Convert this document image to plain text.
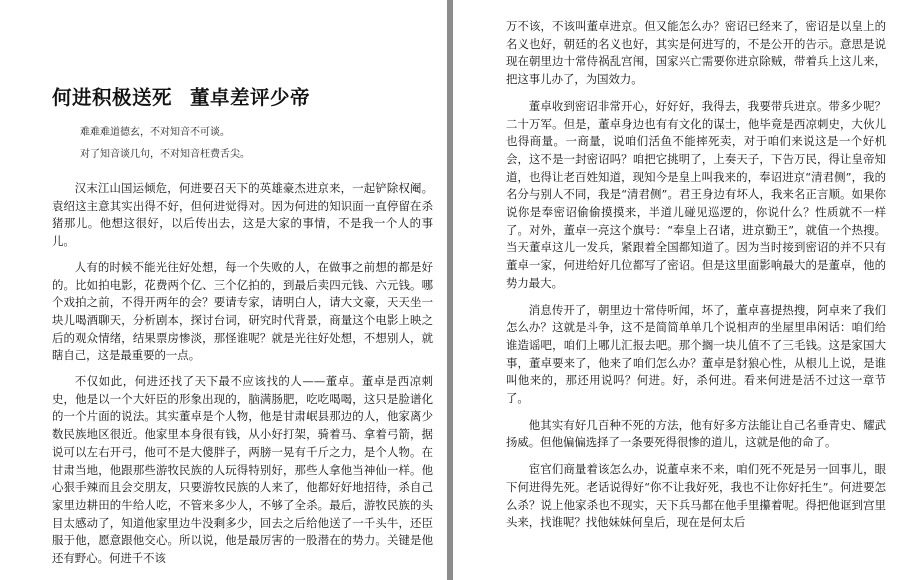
何进积极送死 董卓差评少帝
难难难道德玄，不对知音不可谈。
对了知音谈几句，不对知音枉费舌尖。

汉末江山国运倾危，何进要召天下的英雄豪杰进京来，一起铲除权阉。袁绍这主意其实出得不好，但何进觉得对。因为何进的知识面一直停留在杀猪那儿。他想这很好，以后传出去，这是大家的事情，不是我一个人的事儿。

人有的时候不能光往好处想，每一个失败的人，在做事之前想的都是好的。比如拍电影，花费两个亿、三个亿拍的，到最后卖四元钱、六元钱。哪个戏拍之前，不得开两年的会？要请专家，请明白人，请大文豪，天天坐一块儿喝酒聊天，分析剧本，探讨台词，研究时代背景，商量这个电影上映之后的观众情绪，结果票房惨淡，那怪谁呢？就是光往好处想，不想别人，就瞎自己，这是最重要的一点。

不仅如此，何进还找了天下最不应该找的人——董卓。董卓是西凉刺史，他是以一个大奸臣的形象出现的，脑满肠肥，吃吃喝喝，这只是脸谱化的一个片面的说法。其实董卓是个人物，他是甘肃岷县那边的人，他家离少数民族地区很近。他家里本身很有钱，从小好打架，骑着马、拿着弓箭，据说可以左右开弓，他可不是大傻胖子，两膀一晃有千斤之力，是个人物。在甘肃当地，他跟那些游牧民族的人玩得特别好，那些人拿他当神仙一样。他心狠手辣而且会交朋友，只要游牧民族的人来了，他都好好地招待，杀自己家里边耕田的牛给人吃，不管来多少人，不够了全杀。最后，游牧民族的头目太感动了，知道他家里边牛没剩多少，回去之后给他送了一千头牛，还臣服于他，愿意跟他交心。所以说，他是最厉害的一股潜在的势力。关键是他还有野心。何进千不该

万不该，不该叫董卓进京。但又能怎么办？密诏已经来了，密诏是以皇上的名义也好，朝廷的名义也好，其实是何进写的，不是公开的告示。意思是说现在朝里边十常侍祸乱宫闱，国家兴亡需要你进京除贼，带着兵上这儿来，把这事儿办了，为国效力。

董卓收到密诏非常开心，好好好，我得去，我要带兵进京。带多少呢？二十万军。但是，董卓身边也有有文化的谋士，他毕竟是西凉刺史，大伙儿也得商量。一商量，说咱们活鱼不能摔死卖，对于咱们来说这是一个好机会，这不是一封密诏吗？咱把它挑明了，上奏天子，下告万民，得让皇帝知道，也得让老百姓知道，现知今是皇上叫我来的，奉诏进京“清君侧”，我的名分与别人不同，我是“清君侧”。君王身边有坏人，我来名正言顺。如果你说你是奉密诏偷偷摸摸来，半道儿碰见巡逻的，你说什么？性质就不一样了。对外，董卓一亮这个旗号：“奉皇上召诸，进京勤王”，就值一个热搜。当天董卓这儿一发兵，紧跟着全国都知道了。因为当时接到密诏的并不只有董卓一家，何进给好几位都写了密诏。但是这里面影响最大的是董卓，他的势力最大。

消息传开了，朝里边十常侍听闻，坏了，董卓喜提热搜，阿卓来了我们怎么办？这就是斗争，这不是简简单单几个说相声的坐屋里串闲话：咱们给谁造谣吧，咱们上哪儿汇报去吧。那个搁一块儿值不了三毛钱。这是家国大事，董卓要来了，他来了咱们怎么办？董卓是豺狼心性，从根儿上说，是谁叫他来的，那还用说吗？何进。好，杀何进。看来何进是活不过这一章节了。

他其实有好几百种不死的方法，他有好多方法能让自己名垂青史、耀武扬威。但他偏偏选择了一条要死得很惨的道儿，这就是他的命了。

宦官们商量着该怎么办，说董卓来不来，咱们死不死是另一回事儿，眼下何进得先死。老话说得好“你不让我好死，我也不让你好托生”。何进要怎么杀？说上他家杀也不现实，天下兵马都在他手里攥着呢。得把他诓到宫里头来，找谁呢？找他妹妹何皇后，现在是何太后
